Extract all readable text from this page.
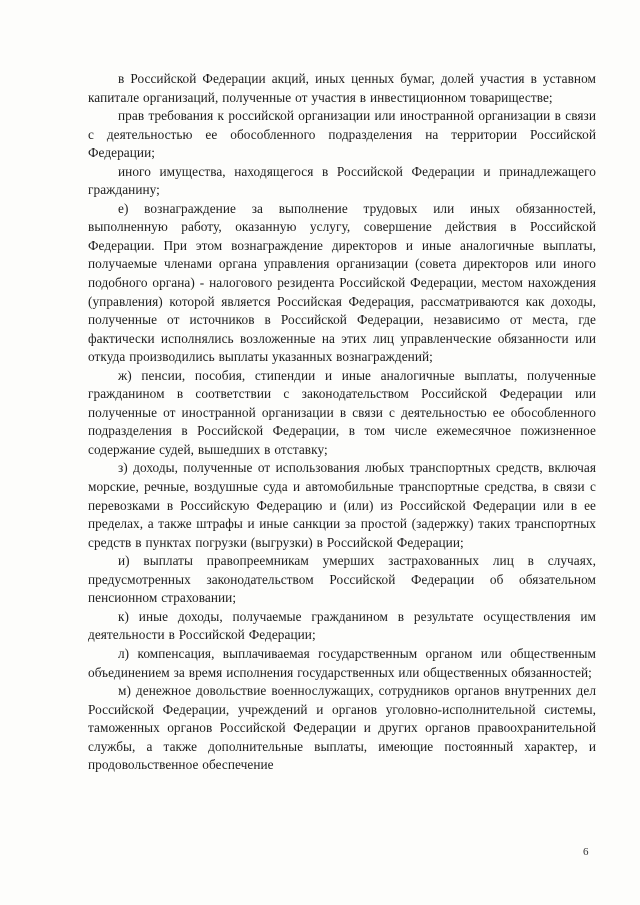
в Российской Федерации акций, иных ценных бумаг, долей участия в уставном капитале организаций, полученные от участия в инвестиционном товариществе;

прав требования к российской организации или иностранной организации в связи с деятельностью ее обособленного подразделения на территории Российской Федерации;

иного имущества, находящегося в Российской Федерации и принадлежащего гражданину;

е) вознаграждение за выполнение трудовых или иных обязанностей, выполненную работу, оказанную услугу, совершение действия в Российской Федерации. При этом вознаграждение директоров и иные аналогичные выплаты, получаемые членами органа управления организации (совета директоров или иного подобного органа) - налогового резидента Российской Федерации, местом нахождения (управления) которой является Российская Федерация, рассматриваются как доходы, полученные от источников в Российской Федерации, независимо от места, где фактически исполнялись возложенные на этих лиц управленческие обязанности или откуда производились выплаты указанных вознаграждений;

ж) пенсии, пособия, стипендии и иные аналогичные выплаты, полученные гражданином в соответствии с законодательством Российской Федерации или полученные от иностранной организации в связи с деятельностью ее обособленного подразделения в Российской Федерации, в том числе ежемесячное пожизненное содержание судей, вышедших в отставку;

з) доходы, полученные от использования любых транспортных средств, включая морские, речные, воздушные суда и автомобильные транспортные средства, в связи с перевозками в Российскую Федерацию и (или) из Российской Федерации или в ее пределах, а также штрафы и иные санкции за простой (задержку) таких транспортных средств в пунктах погрузки (выгрузки) в Российской Федерации;

и) выплаты правопреемникам умерших застрахованных лиц в случаях, предусмотренных законодательством Российской Федерации об обязательном пенсионном страховании;

к) иные доходы, получаемые гражданином в результате осуществления им деятельности в Российской Федерации;

л) компенсация, выплачиваемая государственным органом или общественным объединением за время исполнения государственных или общественных обязанностей;

м) денежное довольствие военнослужащих, сотрудников органов внутренних дел Российской Федерации, учреждений и органов уголовно-исполнительной системы, таможенных органов Российской Федерации и других органов правоохранительной службы, а также дополнительные выплаты, имеющие постоянный характер, и продовольственное обеспечение

6
